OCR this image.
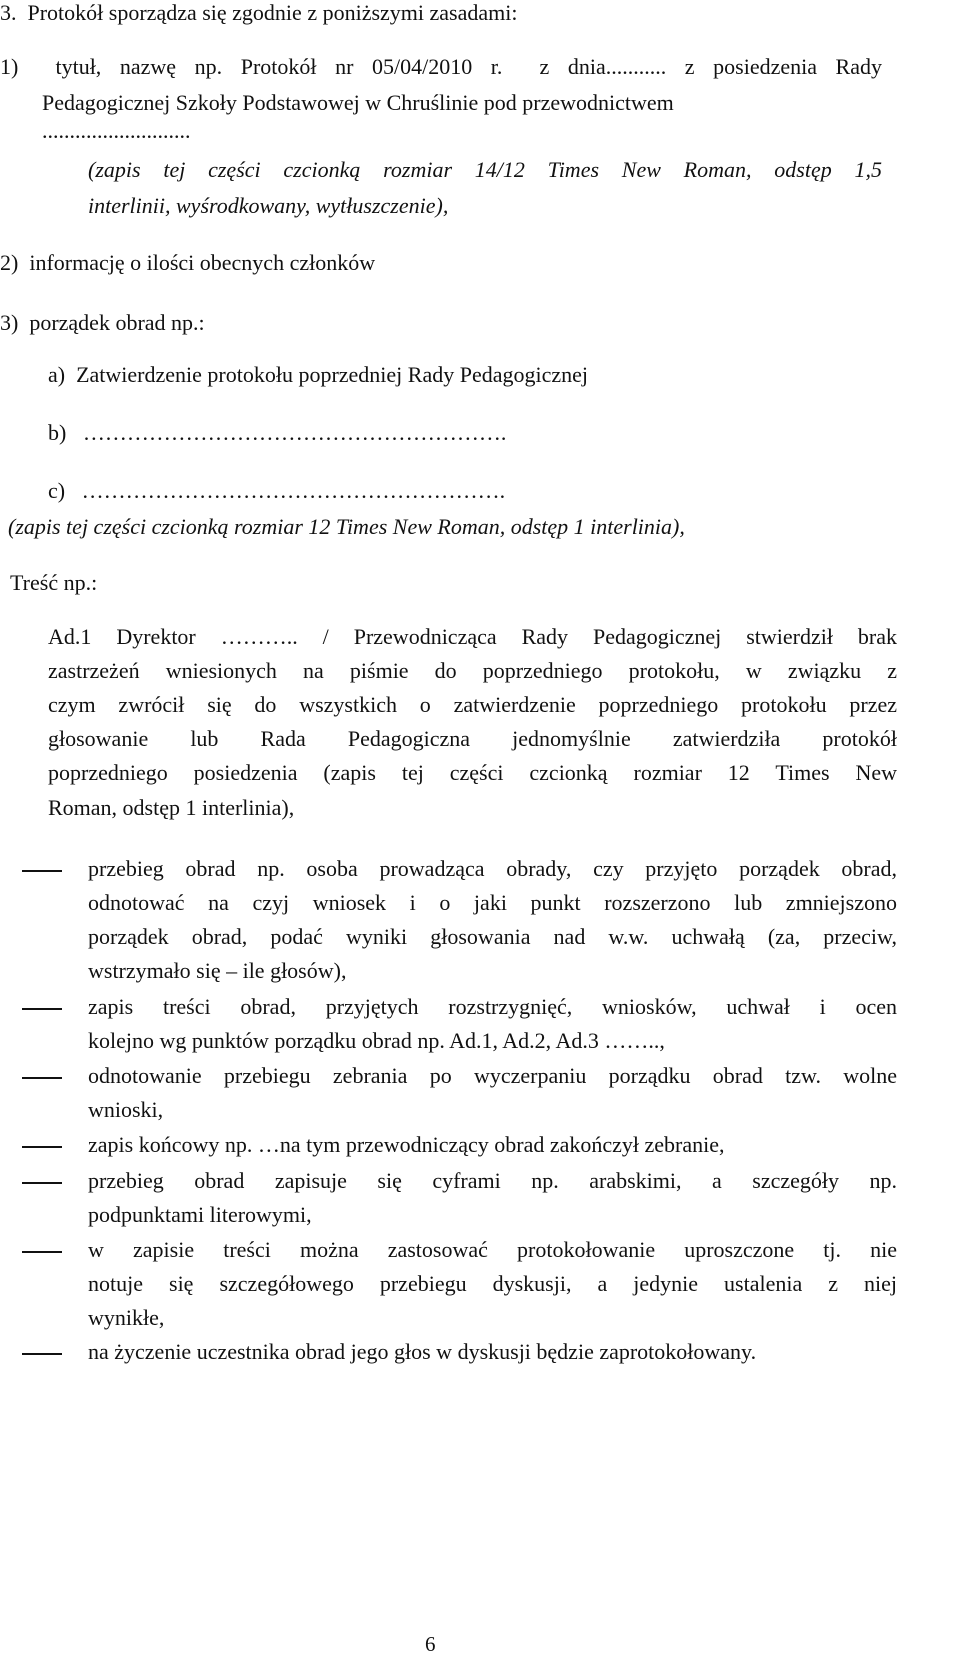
3.  Protokół sporządza się zgodnie z poniższymi zasadami:
1)  tytuł, nazwę np. Protokół nr 05/04/2010 r.  z dnia........... z posiedzenia Rady
Pedagogicznej Szkoły Podstawowej w Chruślinie pod przewodnictwem
...........................
(zapis tej części czcionką rozmiar 14/12 Times New Roman, odstęp 1,5
interlinii, wyśrodkowany, wytłuszczenie),
2)  informację o ilości obecnych członków
3)  porządek obrad np.:
a)  Zatwierdzenie protokołu poprzedniej Rady Pedagogicznej
b)   ………………………………………………….
c)   ………………………………………………….
(zapis tej części czcionką rozmiar 12 Times New Roman, odstęp 1 interlinia),
Treść np.:
Ad.1 Dyrektor ……….. / Przewodnicząca Rady Pedagogicznej stwierdził brak
zastrzeżeń wniesionych na piśmie do poprzedniego protokołu, w związku z
czym zwrócił się do wszystkich o zatwierdzenie poprzedniego protokołu przez
głosowanie lub Rada Pedagogiczna jednomyślnie zatwierdziła protokół
poprzedniego posiedzenia (zapis tej części czcionką rozmiar 12 Times New
Roman, odstęp 1 interlinia),
przebieg obrad np. osoba prowadząca obrady, czy przyjęto porządek obrad,
odnotować na czyj wniosek i o jaki punkt rozszerzono lub zmniejszono
porządek obrad, podać wyniki głosowania nad w.w. uchwałą (za, przeciw,
wstrzymało się – ile głosów),
zapis treści obrad, przyjętych rozstrzygnięć, wniosków, uchwał i ocen
kolejno wg punktów porządku obrad np. Ad.1, Ad.2, Ad.3 ……..,
odnotowanie przebiegu zebrania po wyczerpaniu porządku obrad tzw. wolne
wnioski,
zapis końcowy np. …na tym przewodniczący obrad zakończył zebranie,
przebieg obrad zapisuje się cyframi np. arabskimi, a szczegóły np.
podpunktami literowymi,
w zapisie treści można zastosować protokołowanie uproszczone tj. nie
notuje się szczegółowego przebiegu dyskusji, a jedynie ustalenia z niej
wynikłe,
na życzenie uczestnika obrad jego głos w dyskusji będzie zaprotokołowany.
6
